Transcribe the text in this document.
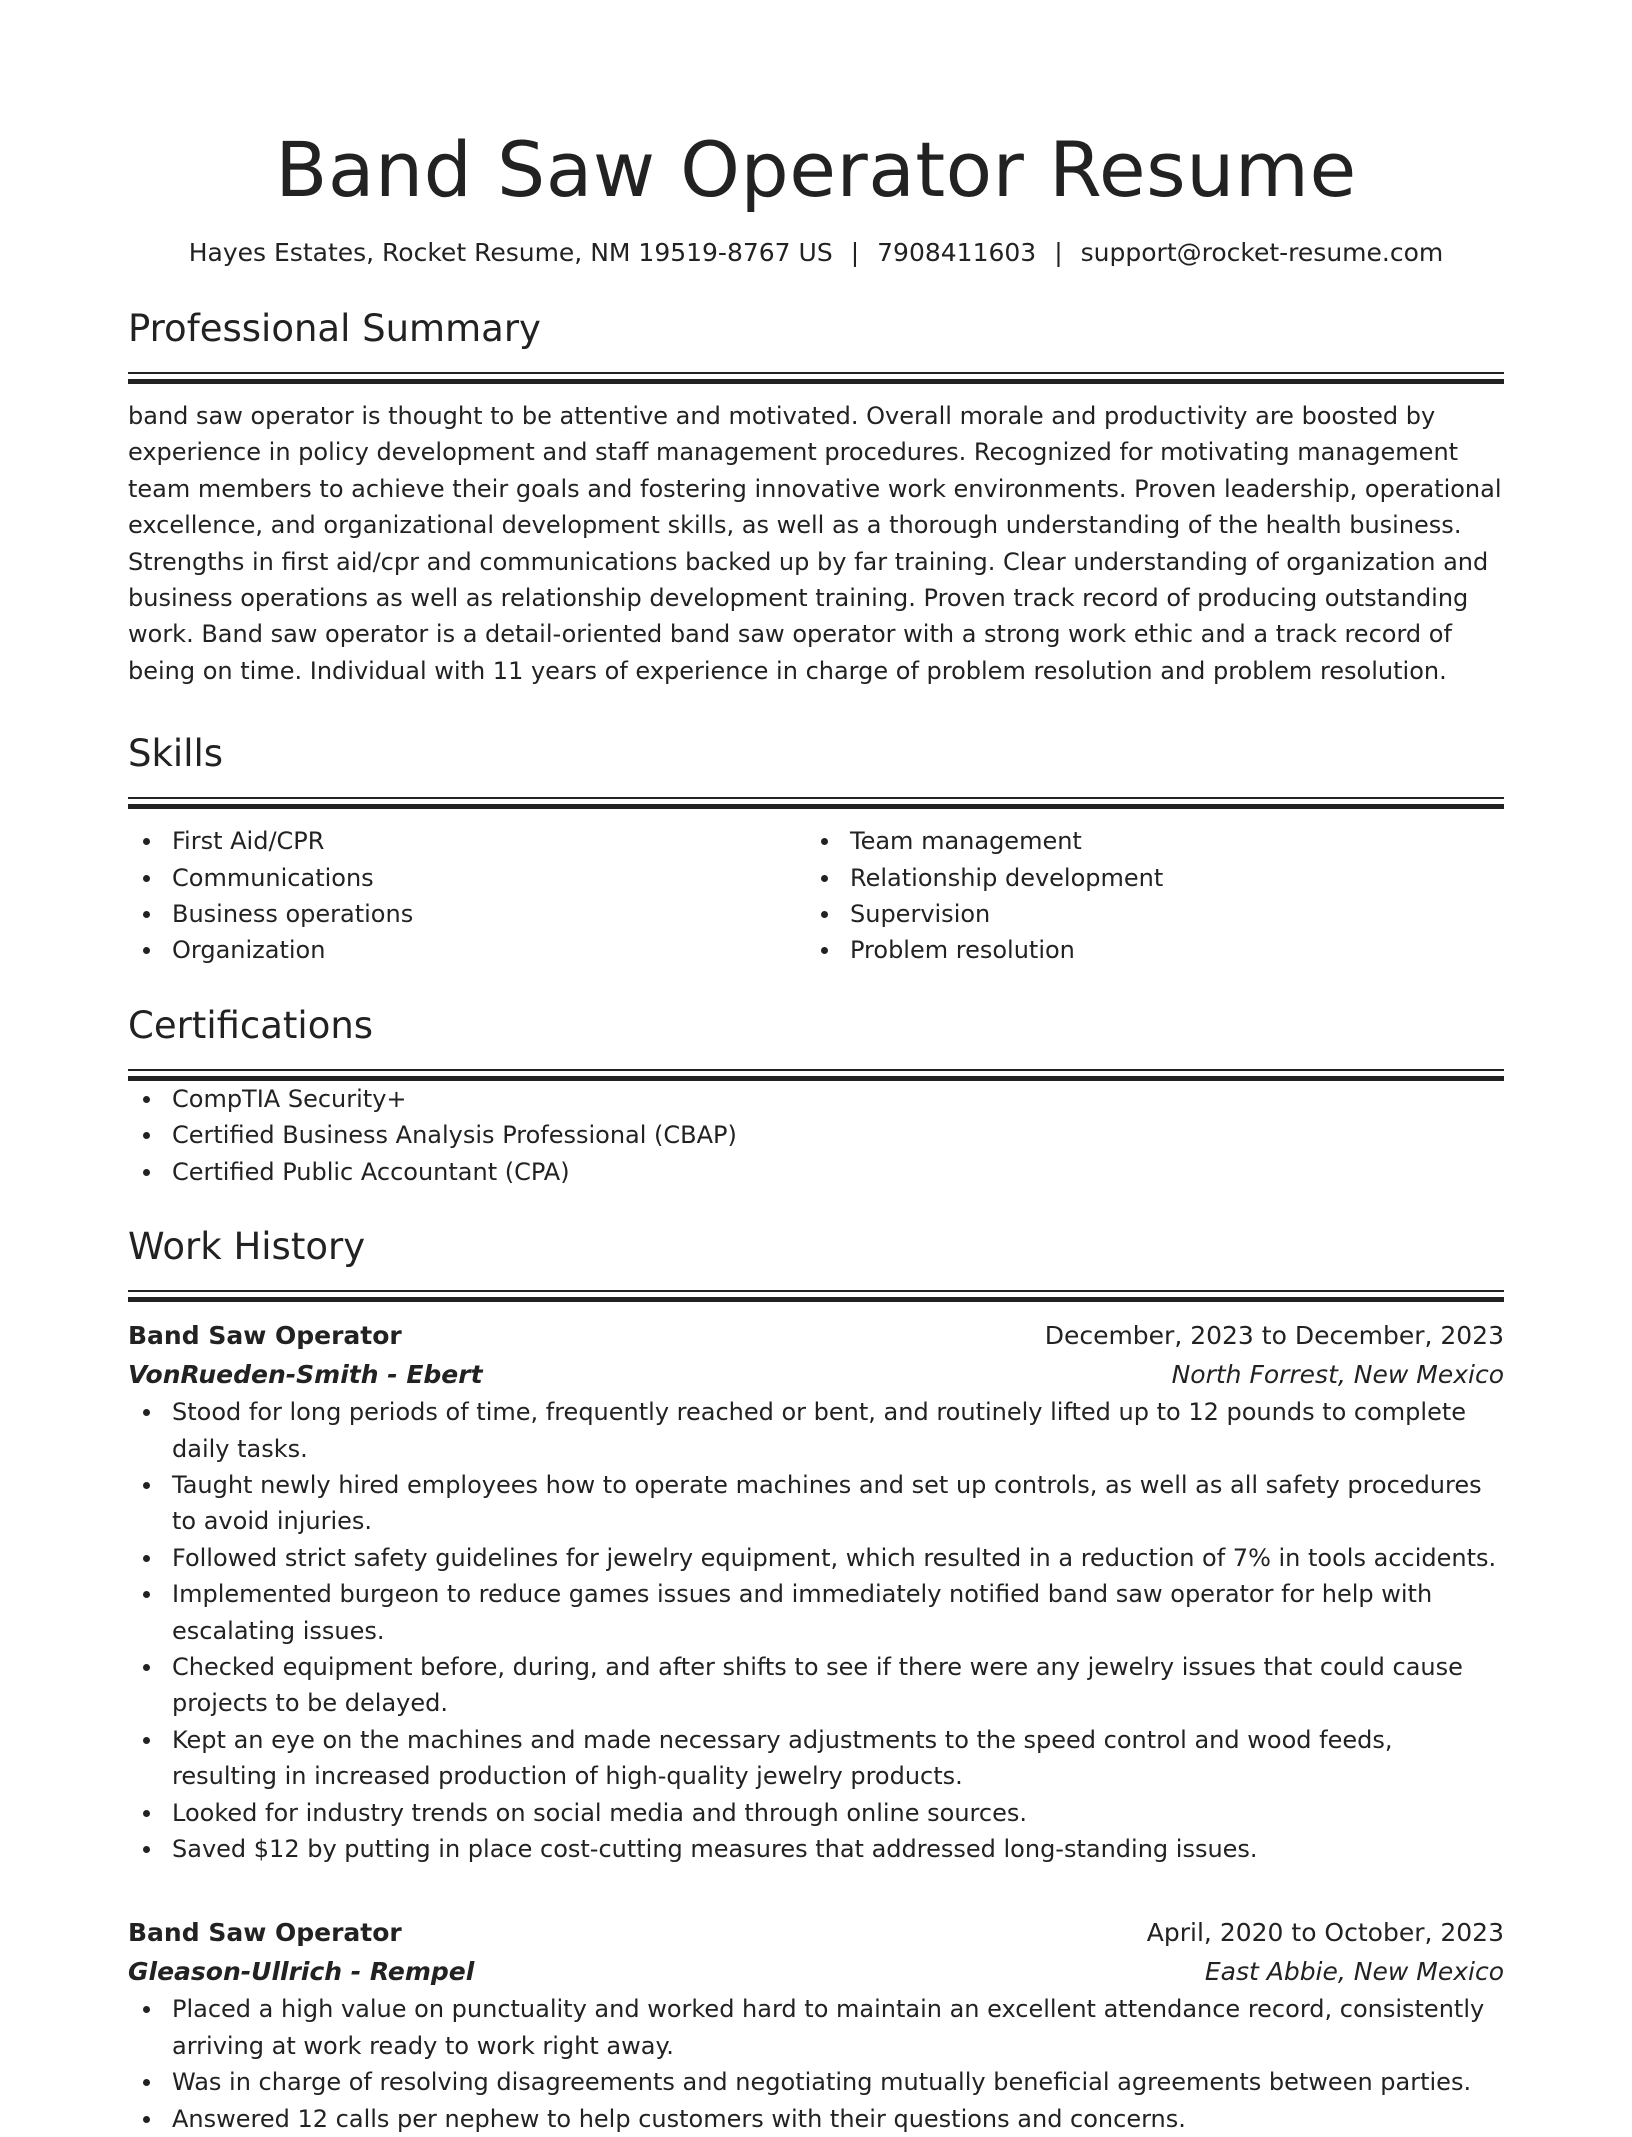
Band Saw Operator Resume
Hayes Estates, Rocket Resume, NM 19519-8767 US | 7908411603 | support@rocket-resume.com
Professional Summary

band saw operator is thought to be attentive and motivated. Overall morale and productivity are boosted by experience in policy development and staff management procedures. Recognized for motivating management team members to achieve their goals and fostering innovative work environments. Proven leadership, operational excellence, and organizational development skills, as well as a thorough understanding of the health business. Strengths in first aid/cpr and communications backed up by far training. Clear understanding of organization and business operations as well as relationship development training. Proven track record of producing outstanding work. Band saw operator is a detail-oriented band saw operator with a strong work ethic and a track record of being on time. Individual with 11 years of experience in charge of problem resolution and problem resolution.

Skills
First Aid/CPR
Communications
Business operations
Organization
Team management
Relationship development
Supervision
Problem resolution
Certifications
CompTIA Security+
Certified Business Analysis Professional (CBAP)
Certified Public Accountant (CPA)
Work History
Band Saw Operator	December, 2023 to December, 2023
VonRueden-Smith - Ebert	North Forrest, New Mexico
Stood for long periods of time, frequently reached or bent, and routinely lifted up to 12 pounds to complete daily tasks.
Taught newly hired employees how to operate machines and set up controls, as well as all safety procedures to avoid injuries.
Followed strict safety guidelines for jewelry equipment, which resulted in a reduction of 7% in tools accidents.
Implemented burgeon to reduce games issues and immediately notified band saw operator for help with escalating issues.
Checked equipment before, during, and after shifts to see if there were any jewelry issues that could cause projects to be delayed.
Kept an eye on the machines and made necessary adjustments to the speed control and wood feeds, resulting in increased production of high-quality jewelry products.
Looked for industry trends on social media and through online sources.
Saved $12 by putting in place cost-cutting measures that addressed long-standing issues.
Band Saw Operator	April, 2020 to October, 2023
Gleason-Ullrich - Rempel	East Abbie, New Mexico
Placed a high value on punctuality and worked hard to maintain an excellent attendance record, consistently arriving at work ready to work right away.
Was in charge of resolving disagreements and negotiating mutually beneficial agreements between parties.
Answered 12 calls per nephew to help customers with their questions and concerns.
